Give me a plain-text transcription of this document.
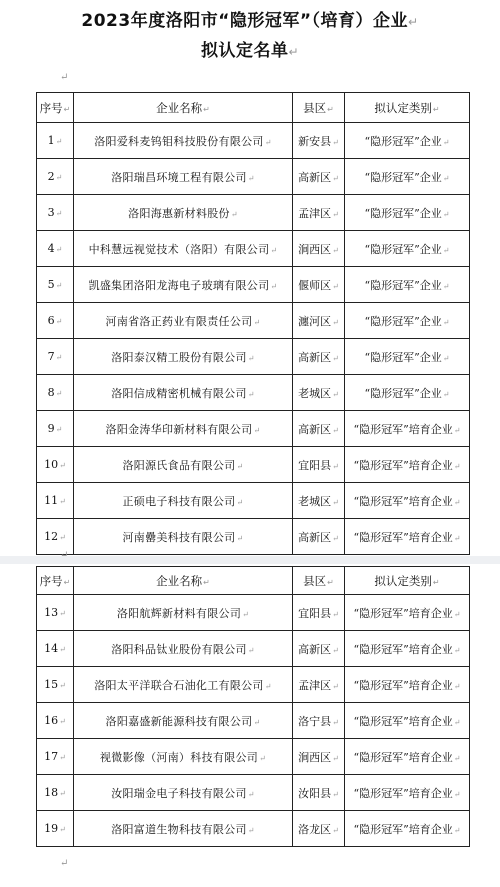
2023年度洛阳市“隐形冠军”（培育）企业↵
拟认定名单↵
↵
序号↵	企业名称↵	县区↵	拟认定类别↵
1↵	洛阳爱科麦钨钼科技股份有限公司↵	新安县↵	“隐形冠军”企业↵
2↵	洛阳瑞昌环境工程有限公司↵	高新区↵	“隐形冠军”企业↵
3↵	洛阳海惠新材料股份↵	孟津区↵	“隐形冠军”企业↵
4↵	中科慧远视觉技术（洛阳）有限公司↵	涧西区↵	“隐形冠军”企业↵
5↵	凯盛集团洛阳龙海电子玻璃有限公司↵	偃师区↵	“隐形冠军”企业↵
6↵	河南省洛正药业有限责任公司↵	瀍河区↵	“隐形冠军”企业↵
7↵	洛阳泰汉精工股份有限公司↵	高新区↵	“隐形冠军”企业↵
8↵	洛阳信成精密机械有限公司↵	老城区↵	“隐形冠军”企业↵
9↵	洛阳金涛华印新材料有限公司↵	高新区↵	“隐形冠军”培育企业↵
10↵	洛阳源氏食品有限公司↵	宜阳县↵	“隐形冠军”培育企业↵
11↵	正硕电子科技有限公司↵	老城区↵	“隐形冠军”培育企业↵
12↵	河南罍美科技有限公司↵	高新区↵	“隐形冠军”培育企业↵
序号↵	企业名称↵	县区↵	拟认定类别↵
13↵	洛阳航辉新材料有限公司↵	宜阳县↵	“隐形冠军”培育企业↵
14↵	洛阳科品钛业股份有限公司↵	高新区↵	“隐形冠军”培育企业↵
15↵	洛阳太平洋联合石油化工有限公司↵	孟津区↵	“隐形冠军”培育企业↵
16↵	洛阳嘉盛新能源科技有限公司↵	洛宁县↵	“隐形冠军”培育企业↵
17↵	视微影像（河南）科技有限公司↵	涧西区↵	“隐形冠军”培育企业↵
18↵	汝阳瑞金电子科技有限公司↵	汝阳县↵	“隐形冠军”培育企业↵
19↵	洛阳富道生物科技有限公司↵	洛龙区↵	“隐形冠军”培育企业↵
↵
